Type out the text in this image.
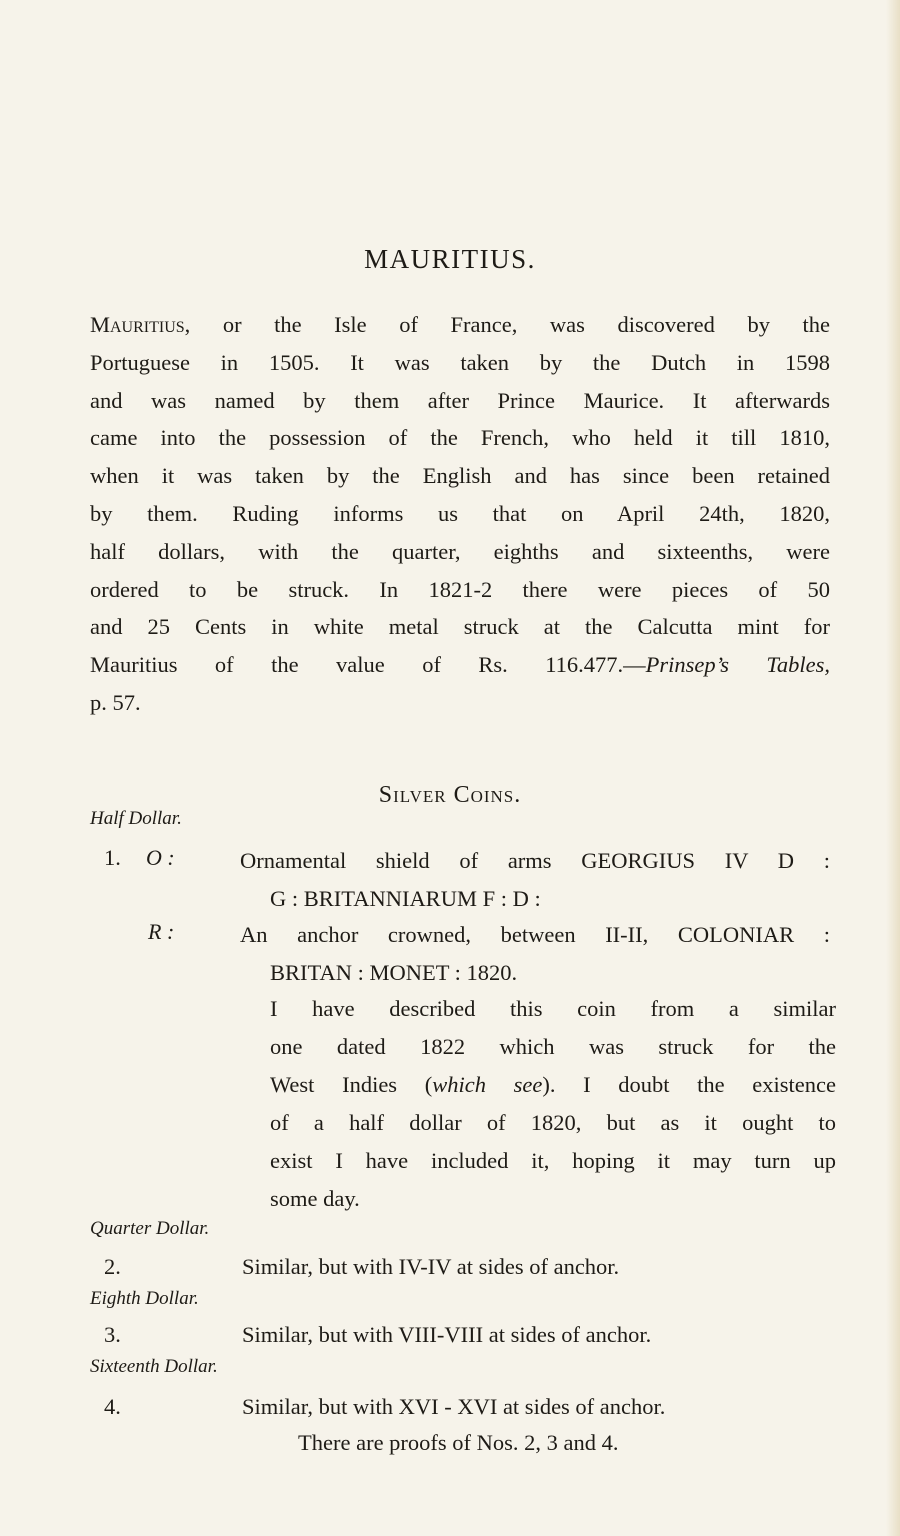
MAURITIUS.
Mauritius, or the Isle of France, was discovered by the
Portuguese in 1505. It was taken by the Dutch in 1598
and was named by them after Prince Maurice. It afterwards
came into the possession of the French, who held it till 1810,
when it was taken by the English and has since been retained
by them. Ruding informs us that on April 24th, 1820,
half dollars, with the quarter, eighths and sixteenths, were
ordered to be struck. In 1821-2 there were pieces of 50
and 25 Cents in white metal struck at the Calcutta mint for
Mauritius of the value of Rs. 116.477.—Prinsep’s Tables,
p. 57.
Silver Coins.
Half Dollar.
1. O :	Ornamental shield of arms GEORGIUS IV D :
G : BRITANNIARUM F : D :
R :	An anchor crowned, between II-II, COLONIAR :
BRITAN : MONET : 1820.
I have described this coin from a similar
one dated 1822 which was struck for the
West Indies (which see). I doubt the existence
of a half dollar of 1820, but as it ought to
exist I have included it, hoping it may turn up
some day.
Quarter Dollar.
2.	Similar, but with IV-IV at sides of anchor.
Eighth Dollar.
3.	Similar, but with VIII-VIII at sides of anchor.
Sixteenth Dollar.
4.	Similar, but with XVI - XVI at sides of anchor.
There are proofs of Nos. 2, 3 and 4.
